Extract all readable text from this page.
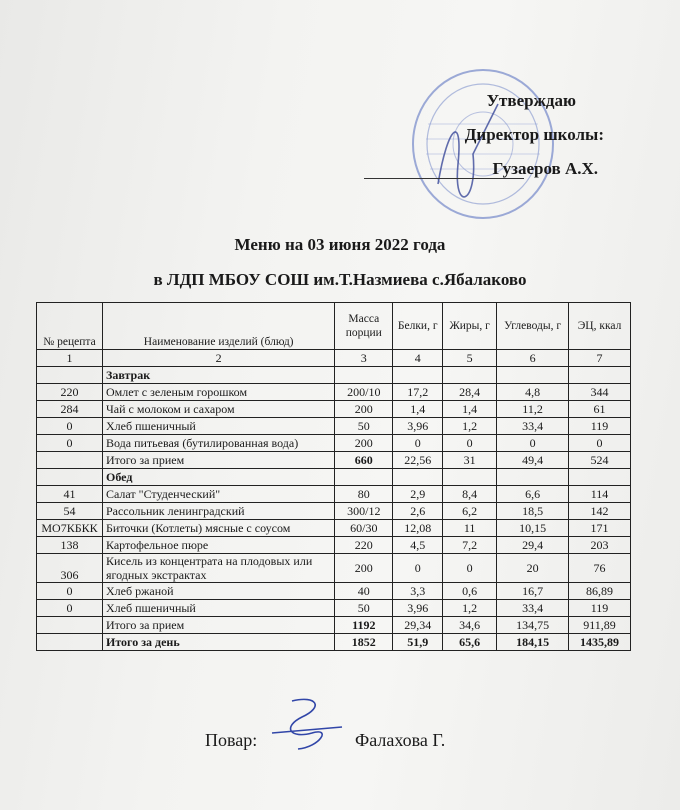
Утверждаю
Директор школы:
Гузаеров А.Х.
Меню на 03 июня 2022 года
в ЛДП МБОУ СОШ им.Т.Назмиева с.Ябалаково
№ рецепта	Наименование изделий (блюд)	Масса порции	Белки, г	Жиры, г	Углеводы, г	ЭЦ, ккал
1	2	3	4	5	6	7
	Завтрак					
220	Омлет с зеленым горошком	200/10	17,2	28,4	4,8	344
284	Чай с молоком и сахаром	200	1,4	1,4	11,2	61
0	Хлеб пшеничный	50	3,96	1,2	33,4	119
0	Вода питьевая (бутилированная вода)	200	0	0	0	0
	Итого за прием	660	22,56	31	49,4	524
	Обед					
41	Салат "Студенческий"	80	2,9	8,4	6,6	114
54	Рассольник ленинградский	300/12	2,6	6,2	18,5	142
МО7КБКК	Биточки (Котлеты) мясные с соусом	60/30	12,08	11	10,15	171
138	Картофельное пюре	220	4,5	7,2	29,4	203
306	Кисель из концентрата на плодовых или ягодных экстрактах	200	0	0	20	76
0	Хлеб ржаной	40	3,3	0,6	16,7	86,89
0	Хлеб пшеничный	50	3,96	1,2	33,4	119
	Итого за прием	1192	29,34	34,6	134,75	911,89
	Итого за день	1852	51,9	65,6	184,15	1435,89
Повар:	Фалахова Г.
